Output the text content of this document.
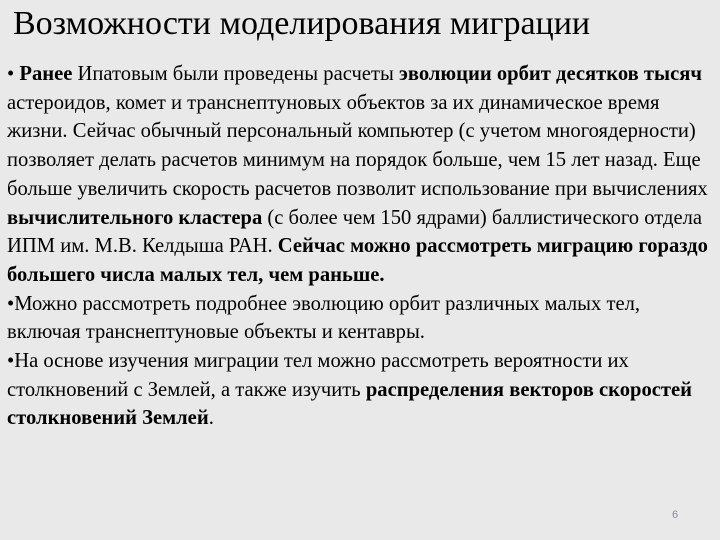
Возможности моделирования миграции

• Ранее Ипатовым были проведены расчеты эволюции орбит десятков тысяч астероидов, комет и транснептуновых объектов за их динамическое время жизни. Сейчас обычный персональный компьютер (с учетом многоядерности) позволяет делать расчетов минимум на порядок больше, чем 15 лет назад. Еще больше увеличить скорость расчетов позволит использование при вычислениях вычислительного кластера (с более чем 150 ядрами) баллистического отдела ИПМ им. М.В. Келдыша РАН. Сейчас можно рассмотреть миграцию гораздо большего числа малых тел, чем раньше.

•Можно рассмотреть подробнее эволюцию орбит различных малых тел, включая транснептуновые объекты и кентавры.

•На основе изучения миграции тел можно рассмотреть вероятности их столкновений с Землей, а также изучить распределения векторов скоростей столкновений Землей.

6
